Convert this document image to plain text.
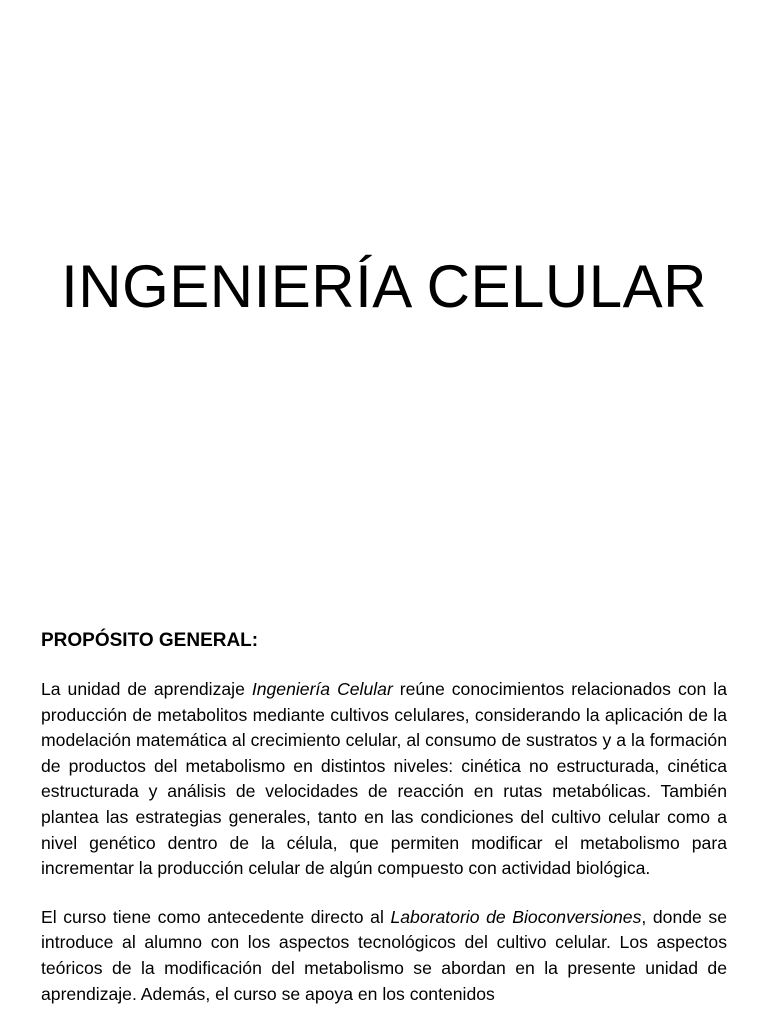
INGENIERÍA CELULAR
PROPÓSITO GENERAL:

La unidad de aprendizaje Ingeniería Celular reúne conocimientos relacionados con la producción de metabolitos mediante cultivos celulares, considerando la aplicación de la modelación matemática al crecimiento celular, al consumo de sustratos y a la formación de productos del metabolismo en distintos niveles: cinética no estructurada, cinética estructurada y análisis de velocidades de reacción en rutas metabólicas. También plantea las estrategias generales, tanto en las condiciones del cultivo celular como a nivel genético dentro de la célula, que permiten modificar el metabolismo para incrementar la producción celular de algún compuesto con actividad biológica.

El curso tiene como antecedente directo al Laboratorio de Bioconversiones, donde se introduce al alumno con los aspectos tecnológicos del cultivo celular. Los aspectos teóricos de la modificación del metabolismo se abordan en la presente unidad de aprendizaje. Además, el curso se apoya en los contenidos
